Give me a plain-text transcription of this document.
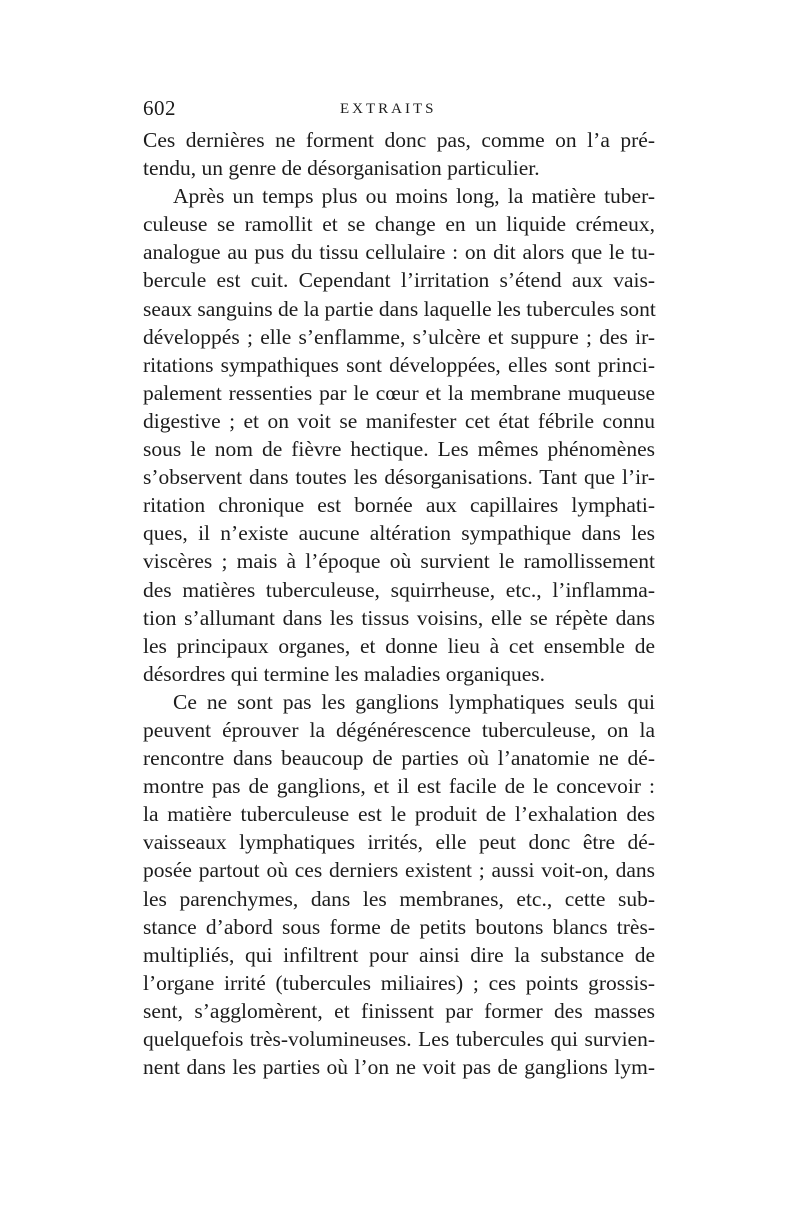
602	EXTRAITS
Ces dernières ne forment donc pas, comme on l’a pré-
tendu, un genre de désorganisation particulier.
Après un temps plus ou moins long, la matière tuber-
culeuse se ramollit et se change en un liquide crémeux,
analogue au pus du tissu cellulaire : on dit alors que le tu-
bercule est cuit. Cependant l’irritation s’étend aux vais-
seaux sanguins de la partie dans laquelle les tubercules sont
développés ; elle s’enflamme, s’ulcère et suppure ; des ir-
ritations sympathiques sont développées, elles sont princi-
palement ressenties par le cœur et la membrane muqueuse
digestive ; et on voit se manifester cet état fébrile connu
sous le nom de fièvre hectique. Les mêmes phénomènes
s’observent dans toutes les désorganisations. Tant que l’ir-
ritation chronique est bornée aux capillaires lymphati-
ques, il n’existe aucune altération sympathique dans les
viscères ; mais à l’époque où survient le ramollissement
des matières tuberculeuse, squirrheuse, etc., l’inflamma-
tion s’allumant dans les tissus voisins, elle se répète dans
les principaux organes, et donne lieu à cet ensemble de
désordres qui termine les maladies organiques.
Ce ne sont pas les ganglions lymphatiques seuls qui
peuvent éprouver la dégénérescence tuberculeuse, on la
rencontre dans beaucoup de parties où l’anatomie ne dé-
montre pas de ganglions, et il est facile de le concevoir :
la matière tuberculeuse est le produit de l’exhalation des
vaisseaux lymphatiques irrités, elle peut donc être dé-
posée partout où ces derniers existent ; aussi voit-on, dans
les parenchymes, dans les membranes, etc., cette sub-
stance d’abord sous forme de petits boutons blancs très-
multipliés, qui infiltrent pour ainsi dire la substance de
l’organe irrité (tubercules miliaires) ; ces points grossis-
sent, s’agglomèrent, et finissent par former des masses
quelquefois très-volumineuses. Les tubercules qui survien-
nent dans les parties où l’on ne voit pas de ganglions lym-
